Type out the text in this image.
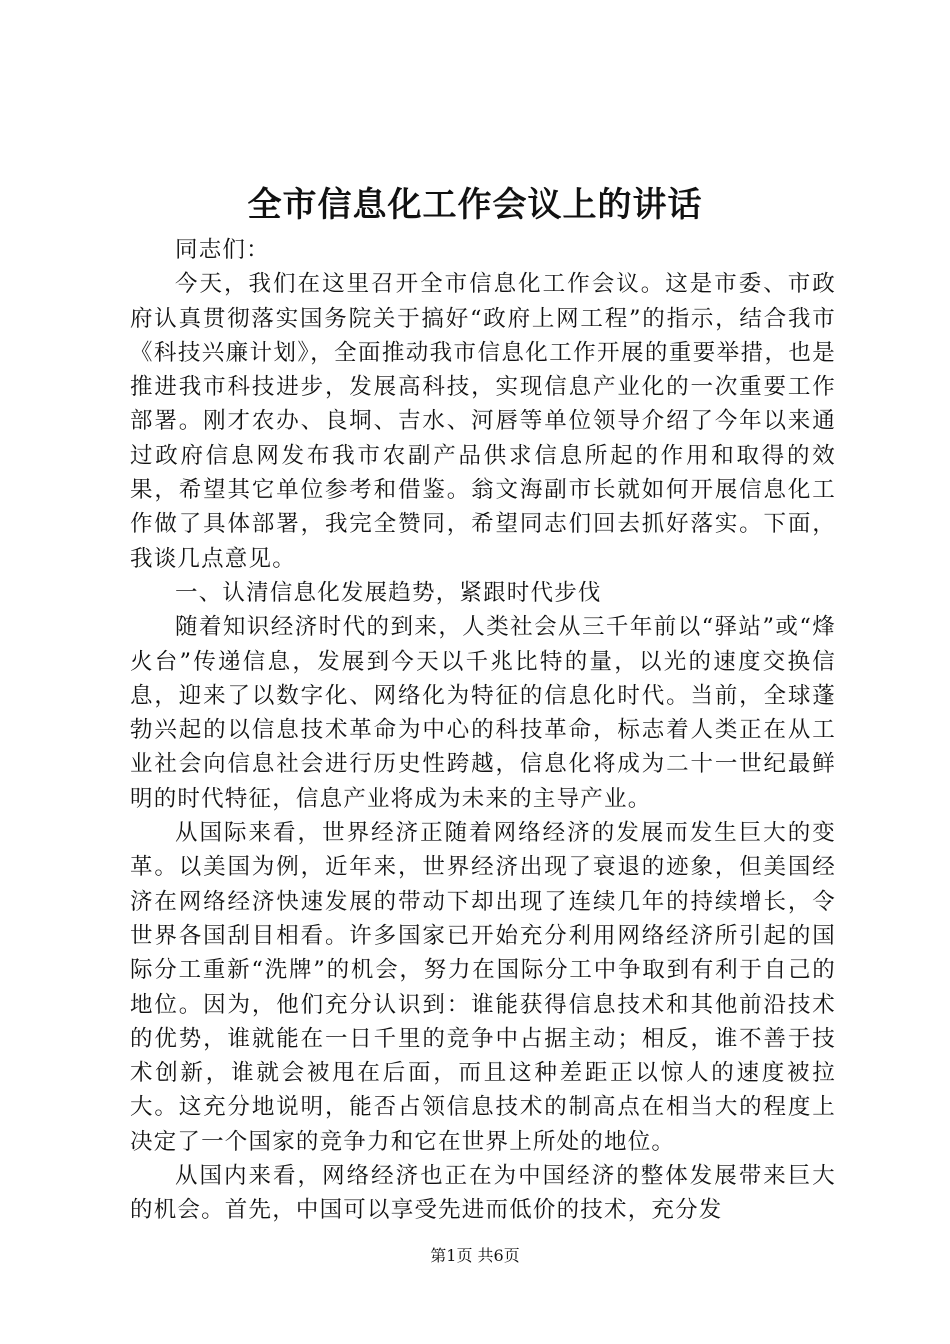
全市信息化工作会议上的讲话

同志们：

今天，我们在这里召开全市信息化工作会议。这是市委、市政府认真贯彻落实国务院关于搞好“政府上网工程”的指示，结合我市《科技兴廉计划》，全面推动我市信息化工作开展的重要举措，也是推进我市科技进步，发展高科技，实现信息产业化的一次重要工作部署。刚才农办、良垌、吉水、河唇等单位领导介绍了今年以来通过政府信息网发布我市农副产品供求信息所起的作用和取得的效果，希望其它单位参考和借鉴。翁文海副市长就如何开展信息化工作做了具体部署，我完全赞同，希望同志们回去抓好落实。下面，我谈几点意见。

一、认清信息化发展趋势，紧跟时代步伐

随着知识经济时代的到来，人类社会从三千年前以“驿站”或“烽火台”传递信息，发展到今天以千兆比特的量，以光的速度交换信息，迎来了以数字化、网络化为特征的信息化时代。当前，全球蓬勃兴起的以信息技术革命为中心的科技革命，标志着人类正在从工业社会向信息社会进行历史性跨越，信息化将成为二十一世纪最鲜明的时代特征，信息产业将成为未来的主导产业。

从国际来看，世界经济正随着网络经济的发展而发生巨大的变革。以美国为例，近年来，世界经济出现了衰退的迹象，但美国经济在网络经济快速发展的带动下却出现了连续几年的持续增长，令世界各国刮目相看。许多国家已开始充分利用网络经济所引起的国际分工重新“洗牌”的机会，努力在国际分工中争取到有利于自己的地位。因为，他们充分认识到：谁能获得信息技术和其他前沿技术的优势，谁就能在一日千里的竞争中占据主动；相反，谁不善于技术创新，谁就会被甩在后面，而且这种差距正以惊人的速度被拉大。这充分地说明，能否占领信息技术的制高点在相当大的程度上决定了一个国家的竞争力和它在世界上所处的地位。

从国内来看，网络经济也正在为中国经济的整体发展带来巨大的机会。首先，中国可以享受先进而低价的技术，充分发

第1页 共6页
